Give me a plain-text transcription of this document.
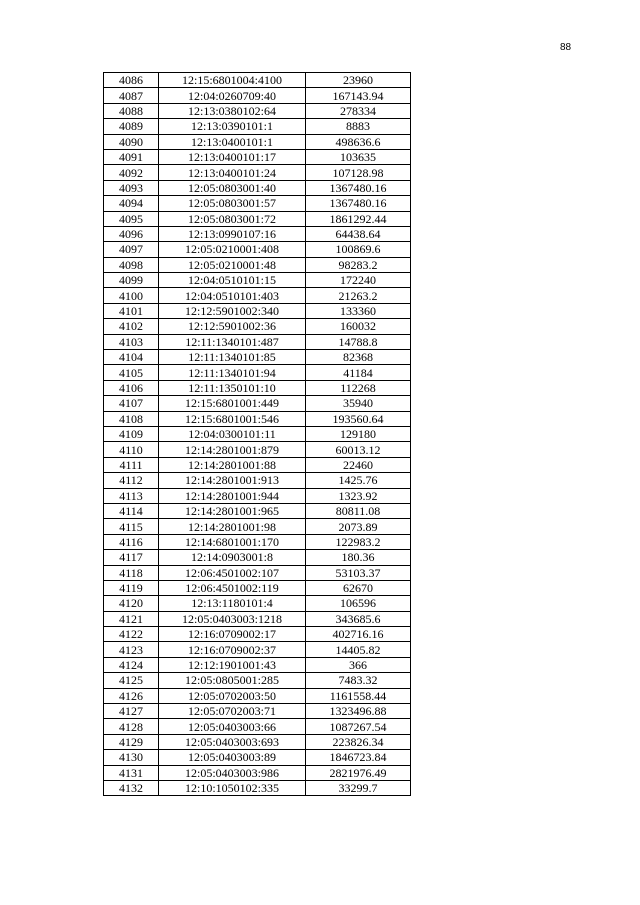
88
4086	12:15:6801004:4100	23960
4087	12:04:0260709:40	167143.94
4088	12:13:0380102:64	278334
4089	12:13:0390101:1	8883
4090	12:13:0400101:1	498636.6
4091	12:13:0400101:17	103635
4092	12:13:0400101:24	107128.98
4093	12:05:0803001:40	1367480.16
4094	12:05:0803001:57	1367480.16
4095	12:05:0803001:72	1861292.44
4096	12:13:0990107:16	64438.64
4097	12:05:0210001:408	100869.6
4098	12:05:0210001:48	98283.2
4099	12:04:0510101:15	172240
4100	12:04:0510101:403	21263.2
4101	12:12:5901002:340	133360
4102	12:12:5901002:36	160032
4103	12:11:1340101:487	14788.8
4104	12:11:1340101:85	82368
4105	12:11:1340101:94	41184
4106	12:11:1350101:10	112268
4107	12:15:6801001:449	35940
4108	12:15:6801001:546	193560.64
4109	12:04:0300101:11	129180
4110	12:14:2801001:879	60013.12
4111	12:14:2801001:88	22460
4112	12:14:2801001:913	1425.76
4113	12:14:2801001:944	1323.92
4114	12:14:2801001:965	80811.08
4115	12:14:2801001:98	2073.89
4116	12:14:6801001:170	122983.2
4117	12:14:0903001:8	180.36
4118	12:06:4501002:107	53103.37
4119	12:06:4501002:119	62670
4120	12:13:1180101:4	106596
4121	12:05:0403003:1218	343685.6
4122	12:16:0709002:17	402716.16
4123	12:16:0709002:37	14405.82
4124	12:12:1901001:43	366
4125	12:05:0805001:285	7483.32
4126	12:05:0702003:50	1161558.44
4127	12:05:0702003:71	1323496.88
4128	12:05:0403003:66	1087267.54
4129	12:05:0403003:693	223826.34
4130	12:05:0403003:89	1846723.84
4131	12:05:0403003:986	2821976.49
4132	12:10:1050102:335	33299.7
